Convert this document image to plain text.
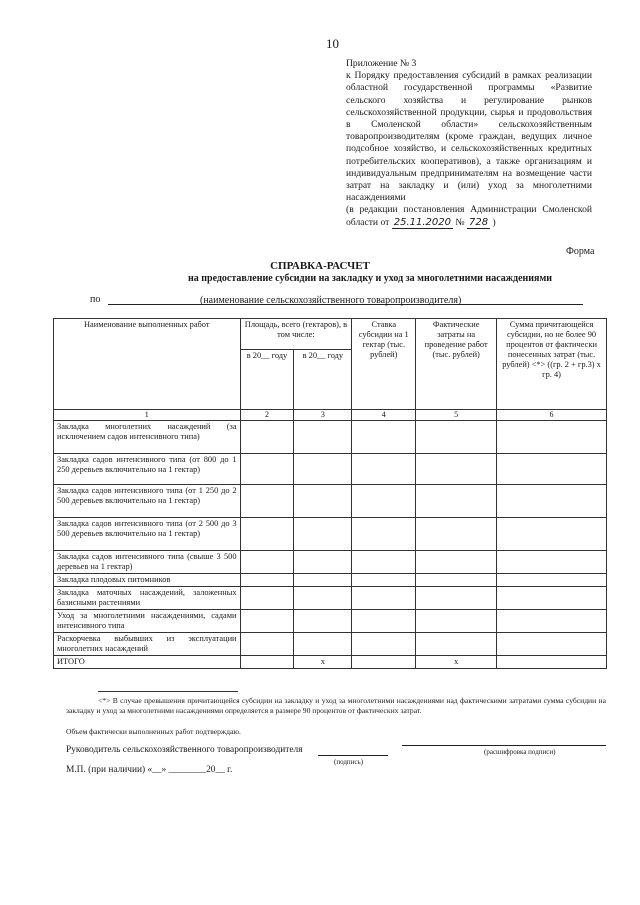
10
Приложение № 3
к Порядку предоставления субсидий в рамках реализации областной государственной программы «Развитие сельского хозяйства и регулирование рынков сельскохозяйственной продукции, сырья и продовольствия в Смоленской области» сельскохозяйственным товаропроизводителям (кроме граждан, ведущих личное подсобное хозяйство, и сельскохозяйственных кредитных потребительских кооперативов), а также организациям и индивидуальным предпринимателям на возмещение части затрат на закладку и (или) уход за многолетними насаждениями
(в редакции постановления Администрации Смоленской области от 25.11.2020 № 728 )
Форма
СПРАВКА-РАСЧЕТ
на предоставление субсидии на закладку и уход за многолетними насаждениями
по	(наименование сельскохозяйственного товаропроизводителя)
Наименование выполненных работ	Площадь, всего (гектаров), в том числе:		Ставка субсидии на 1 гектар (тыс. рублей)	Фактические затраты на проведение работ (тыс. рублей)	Сумма причитающейся субсидии, но не более 90 процентов от фактически понесенных затрат (тыс. рублей) <*> ((гр. 2 + гр.3) х гр. 4)
	в 20__ году	в 20__ году			
1	2	3	4	5	6
Закладка многолетних насаждений (за исключением садов интенсивного типа)					
Закладка садов интенсивного типа (от 800 до 1 250 деревьев включительно на 1 гектар)					
Закладка садов интенсивного типа (от 1 250 до 2 500 деревьев включительно на 1 гектар)					
Закладка садов интенсивного типа (от 2 500 до 3 500 деревьев включительно на 1 гектар)					
Закладка садов интенсивного типа (свыше 3 500 деревьев на 1 гектар)					
Закладка плодовых питомников					
Закладка маточных насаждений, заложенных базисными растениями					
Уход за многолетними насаждениями, садами интенсивного типа					
Раскорчевка выбывших из эксплуатации многолетних насаждений					
ИТОГО		х		х	
<*> В случае превышения причитающейся субсидии на закладку и уход за многолетними насаждениями над фактическими затратами сумма субсидии на закладку и уход за многолетними насаждениями определяется в размере 90 процентов от фактических затрат.
Объем фактически выполненных работ подтверждаю.
Руководитель сельскохозяйственного товаропроизводителя
(подпись)
(расшифровка подписи)
М.П. (при наличии) «__» ________20__ г.
